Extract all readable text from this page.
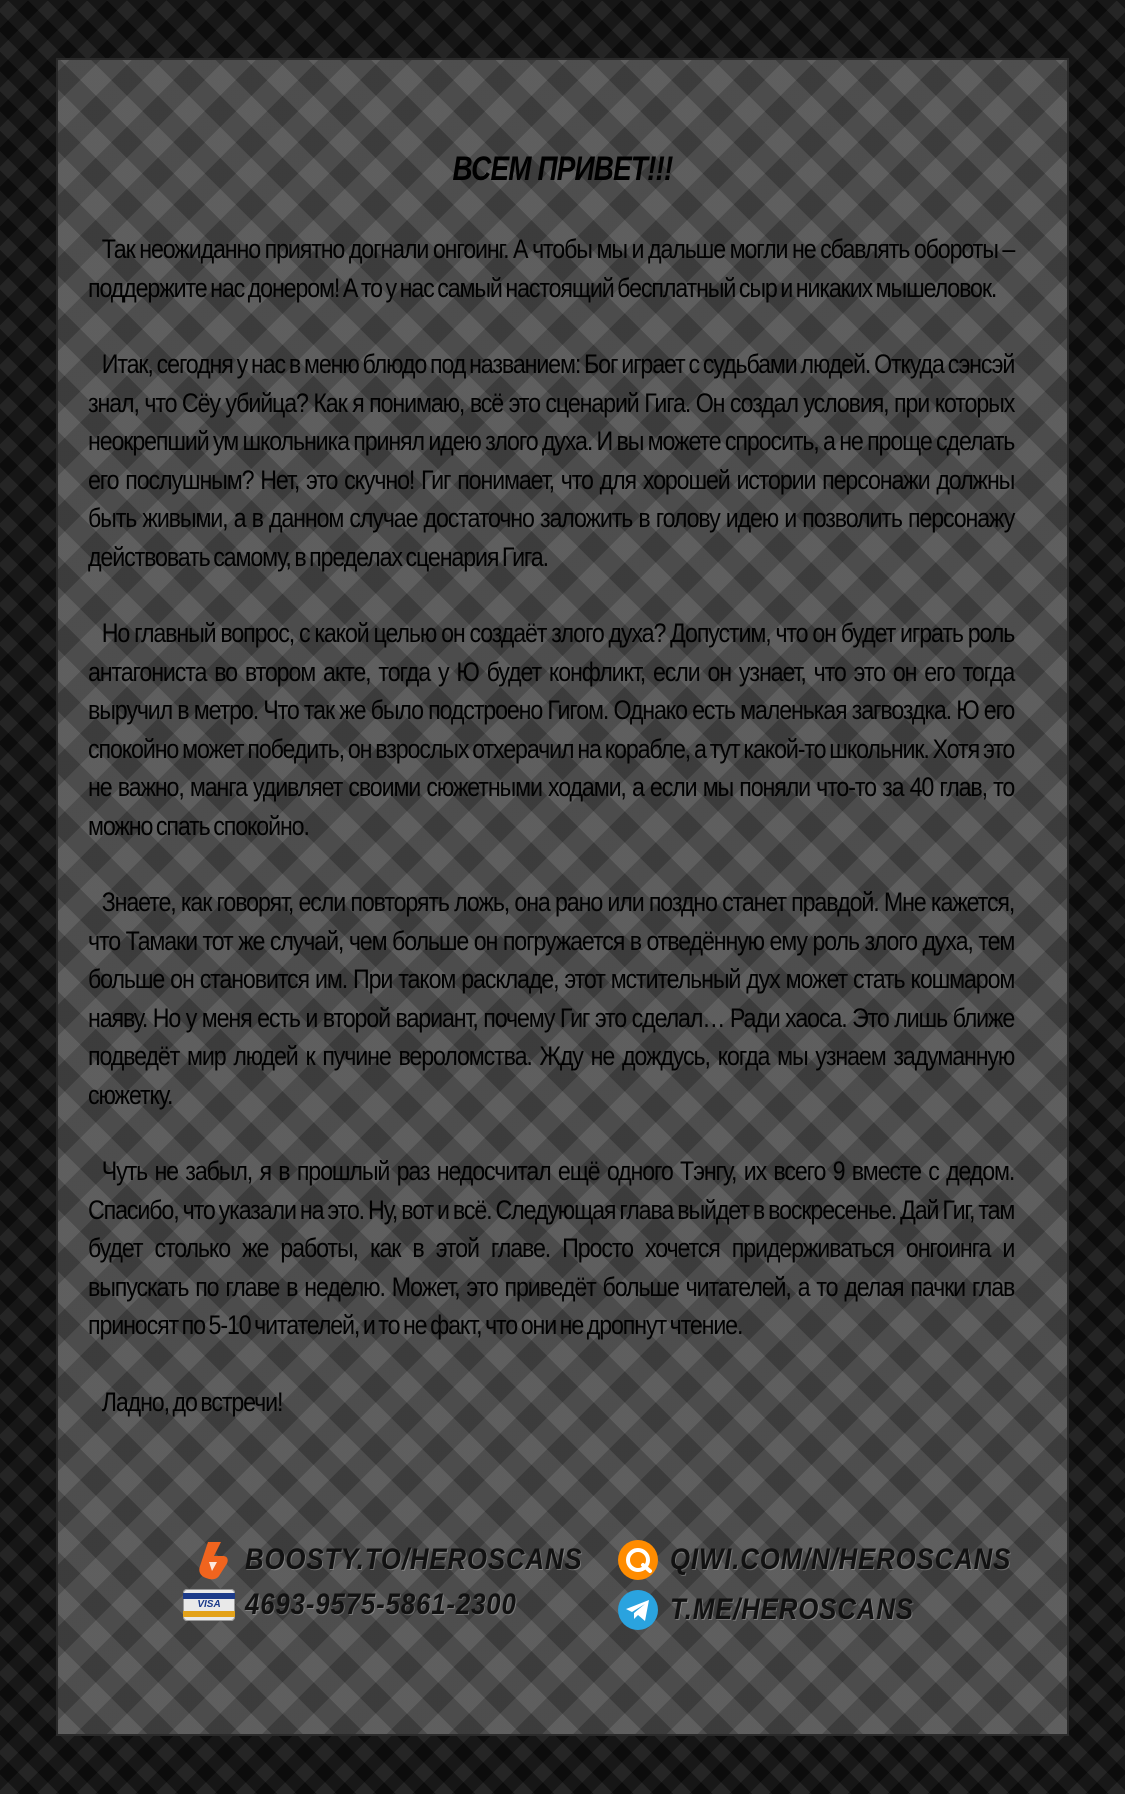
ВСЕМ ПРИВЕТ!!!

Так неожиданно приятно догнали онгоинг. А чтобы мы и дальше могли не сбавлять обороты – поддержите нас донером! А то у нас самый настоящий бесплатный сыр и никаких мышеловок.

Итак, сегодня у нас в меню блюдо под названием: Бог играет с судьбами людей. Откуда сэнсэй знал, что Сёу убийца? Как я понимаю, всё это сценарий Гига. Он создал условия, при которых неокрепший ум школьника принял идею злого духа. И вы можете спросить, а не проще сделать его послушным? Нет, это скучно! Гиг понимает, что для хорошей истории персонажи должны быть живыми, а в данном случае достаточно заложить в голову идею и позволить персонажу действовать самому, в пределах сценария Гига.

Но главный вопрос, с какой целью он создаёт злого духа? Допустим, что он будет играть роль антагониста во втором акте, тогда у Ю будет конфликт, если он узнает, что это он его тогда выручил в метро. Что так же было подстроено Гигом. Однако есть маленькая загвоздка. Ю его спокойно может победить, он взрослых отхерачил на корабле, а тут какой-то школьник. Хотя это не важно, манга удивляет своими сюжетными ходами, а если мы поняли что-то за 40 глав, то можно спать спокойно.

Знаете, как говорят, если повторять ложь, она рано или поздно станет правдой. Мне кажется, что Тамаки тот же случай, чем больше он погружается в отведённую ему роль злого духа, тем больше он становится им. При таком раскладе, этот мстительный дух может стать кошмаром наяву. Но у меня есть и второй вариант, почему Гиг это сделал… Ради хаоса. Это лишь ближе подведёт мир людей к пучине вероломства. Жду не дождусь, когда мы узнаем задуманную сюжетку.

Чуть не забыл, я в прошлый раз недосчитал ещё одного Тэнгу, их всего 9 вместе с дедом. Спасибо, что указали на это. Ну, вот и всё. Следующая глава выйдет в воскресенье. Дай Гиг, там будет столько же работы, как в этой главе. Просто хочется придерживаться онгоинга и выпускать по главе в неделю. Может, это приведёт больше читателей, а то делая пачки глав приносят по 5-10 читателей, и то не факт, что они не дропнут чтение.

Ладно, до встречи!

BOOSTY.TO/HEROSCANS	QIWI.COM/N/HEROSCANS
VISA 4693-9575-5861-2300	T.ME/HEROSCANS
